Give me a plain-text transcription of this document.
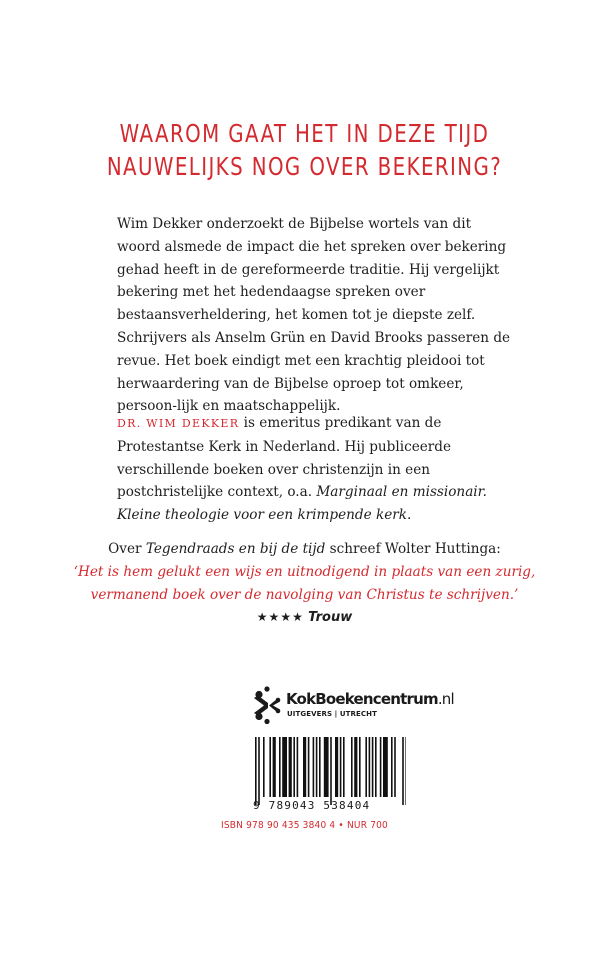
WAAROM GAAT HET IN DEZE TIJD
NAUWELIJKS NOG OVER BEKERING?

Wim Dekker onderzoekt de Bijbelse wortels van dit woord alsmede de impact die het spreken over bekering gehad heeft in de gereformeerde traditie. Hij vergelijkt bekering met het hedendaagse spreken over bestaansverheldering, het komen tot je diepste zelf. Schrijvers als Anselm Grün en David Brooks passeren de revue. Het boek eindigt met een krachtig pleidooi tot herwaardering van de Bijbelse oproep tot omkeer, persoon-lijk en maatschappelijk.

DR. WIM DEKKER is emeritus predikant van de Protestantse Kerk in Nederland. Hij publiceerde verschillende boeken over christenzijn in een postchristelijke context, o.a. Marginaal en missionair. Kleine theologie voor een krimpende kerk.

Over Tegendraads en bij de tijd schreef Wolter Huttinga:

‘Het is hem gelukt een wijs en uitnodigend in plaats van een zurig,

vermanend boek over de navolging van Christus te schrijven.’

★★★★ Trouw

KokBoekencentrum.nl
UITGEVERS | UTRECHT
9 789043 538404
ISBN 978 90 435 3840 4 • NUR 700
